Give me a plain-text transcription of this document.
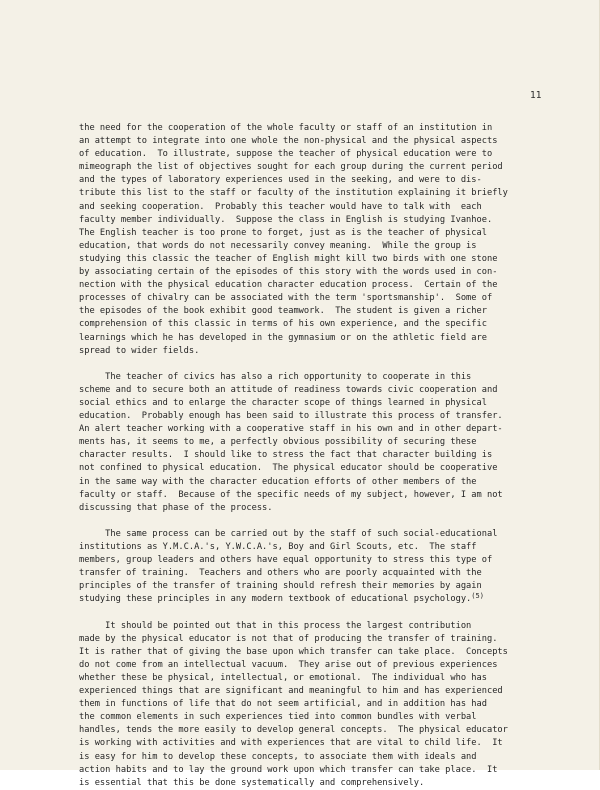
11

the need for the cooperation of the whole faculty or staff of an institution in
an attempt to integrate into one whole the non-physical and the physical aspects
of education.  To illustrate, suppose the teacher of physical education were to
mimeograph the list of objectives sought for each group during the current period
and the types of laboratory experiences used in the seeking, and were to dis-
tribute this list to the staff or faculty of the institution explaining it briefly
and seeking cooperation.  Probably this teacher would have to talk with  each
faculty member individually.  Suppose the class in English is studying Ivanhoe.
The English teacher is too prone to forget, just as is the teacher of physical
education, that words do not necessarily convey meaning.  While the group is
studying this classic the teacher of English might kill two birds with one stone
by associating certain of the episodes of this story with the words used in con-
nection with the physical education character education process.  Certain of the
processes of chivalry can be associated with the term 'sportsmanship'.  Some of
the episodes of the book exhibit good teamwork.  The student is given a richer
comprehension of this classic in terms of his own experience, and the specific
learnings which he has developed in the gymnasium or on the athletic field are
spread to wider fields.

The teacher of civics has also a rich opportunity to cooperate in this
scheme and to secure both an attitude of readiness towards civic cooperation and
social ethics and to enlarge the character scope of things learned in physical
education.  Probably enough has been said to illustrate this process of transfer.
An alert teacher working with a cooperative staff in his own and in other depart-
ments has, it seems to me, a perfectly obvious possibility of securing these
character results.  I should like to stress the fact that character building is
not confined to physical education.  The physical educator should be cooperative
in the same way with the character education efforts of other members of the
faculty or staff.  Because of the specific needs of my subject, however, I am not
discussing that phase of the process.

The same process can be carried out by the staff of such social-educational
institutions as Y.M.C.A.'s, Y.W.C.A.'s, Boy and Girl Scouts, etc.  The staff
members, group leaders and others have equal opportunity to stress this type of
transfer of training.  Teachers and others who are poorly acquainted with the
principles of the transfer of training should refresh their memories by again
studying these principles in any modern textbook of educational psychology.$^{(5)}$

It should be pointed out that in this process the largest contribution
made by the physical educator is not that of producing the transfer of training.
It is rather that of giving the base upon which transfer can take place.  Concepts
do not come from an intellectual vacuum.  They arise out of previous experiences
whether these be physical, intellectual, or emotional.  The individual who has
experienced things that are significant and meaningful to him and has experienced
them in functions of life that do not seem artificial, and in addition has had
the common elements in such experiences tied into common bundles with verbal
handles, tends the more easily to develop general concepts.  The physical educator
is working with activities and with experiences that are vital to child life.  It
is easy for him to develop these concepts, to associate them with ideals and
action habits and to lay the ground work upon which transfer can take place.  It
is essential that this be done systematically and comprehensively.
